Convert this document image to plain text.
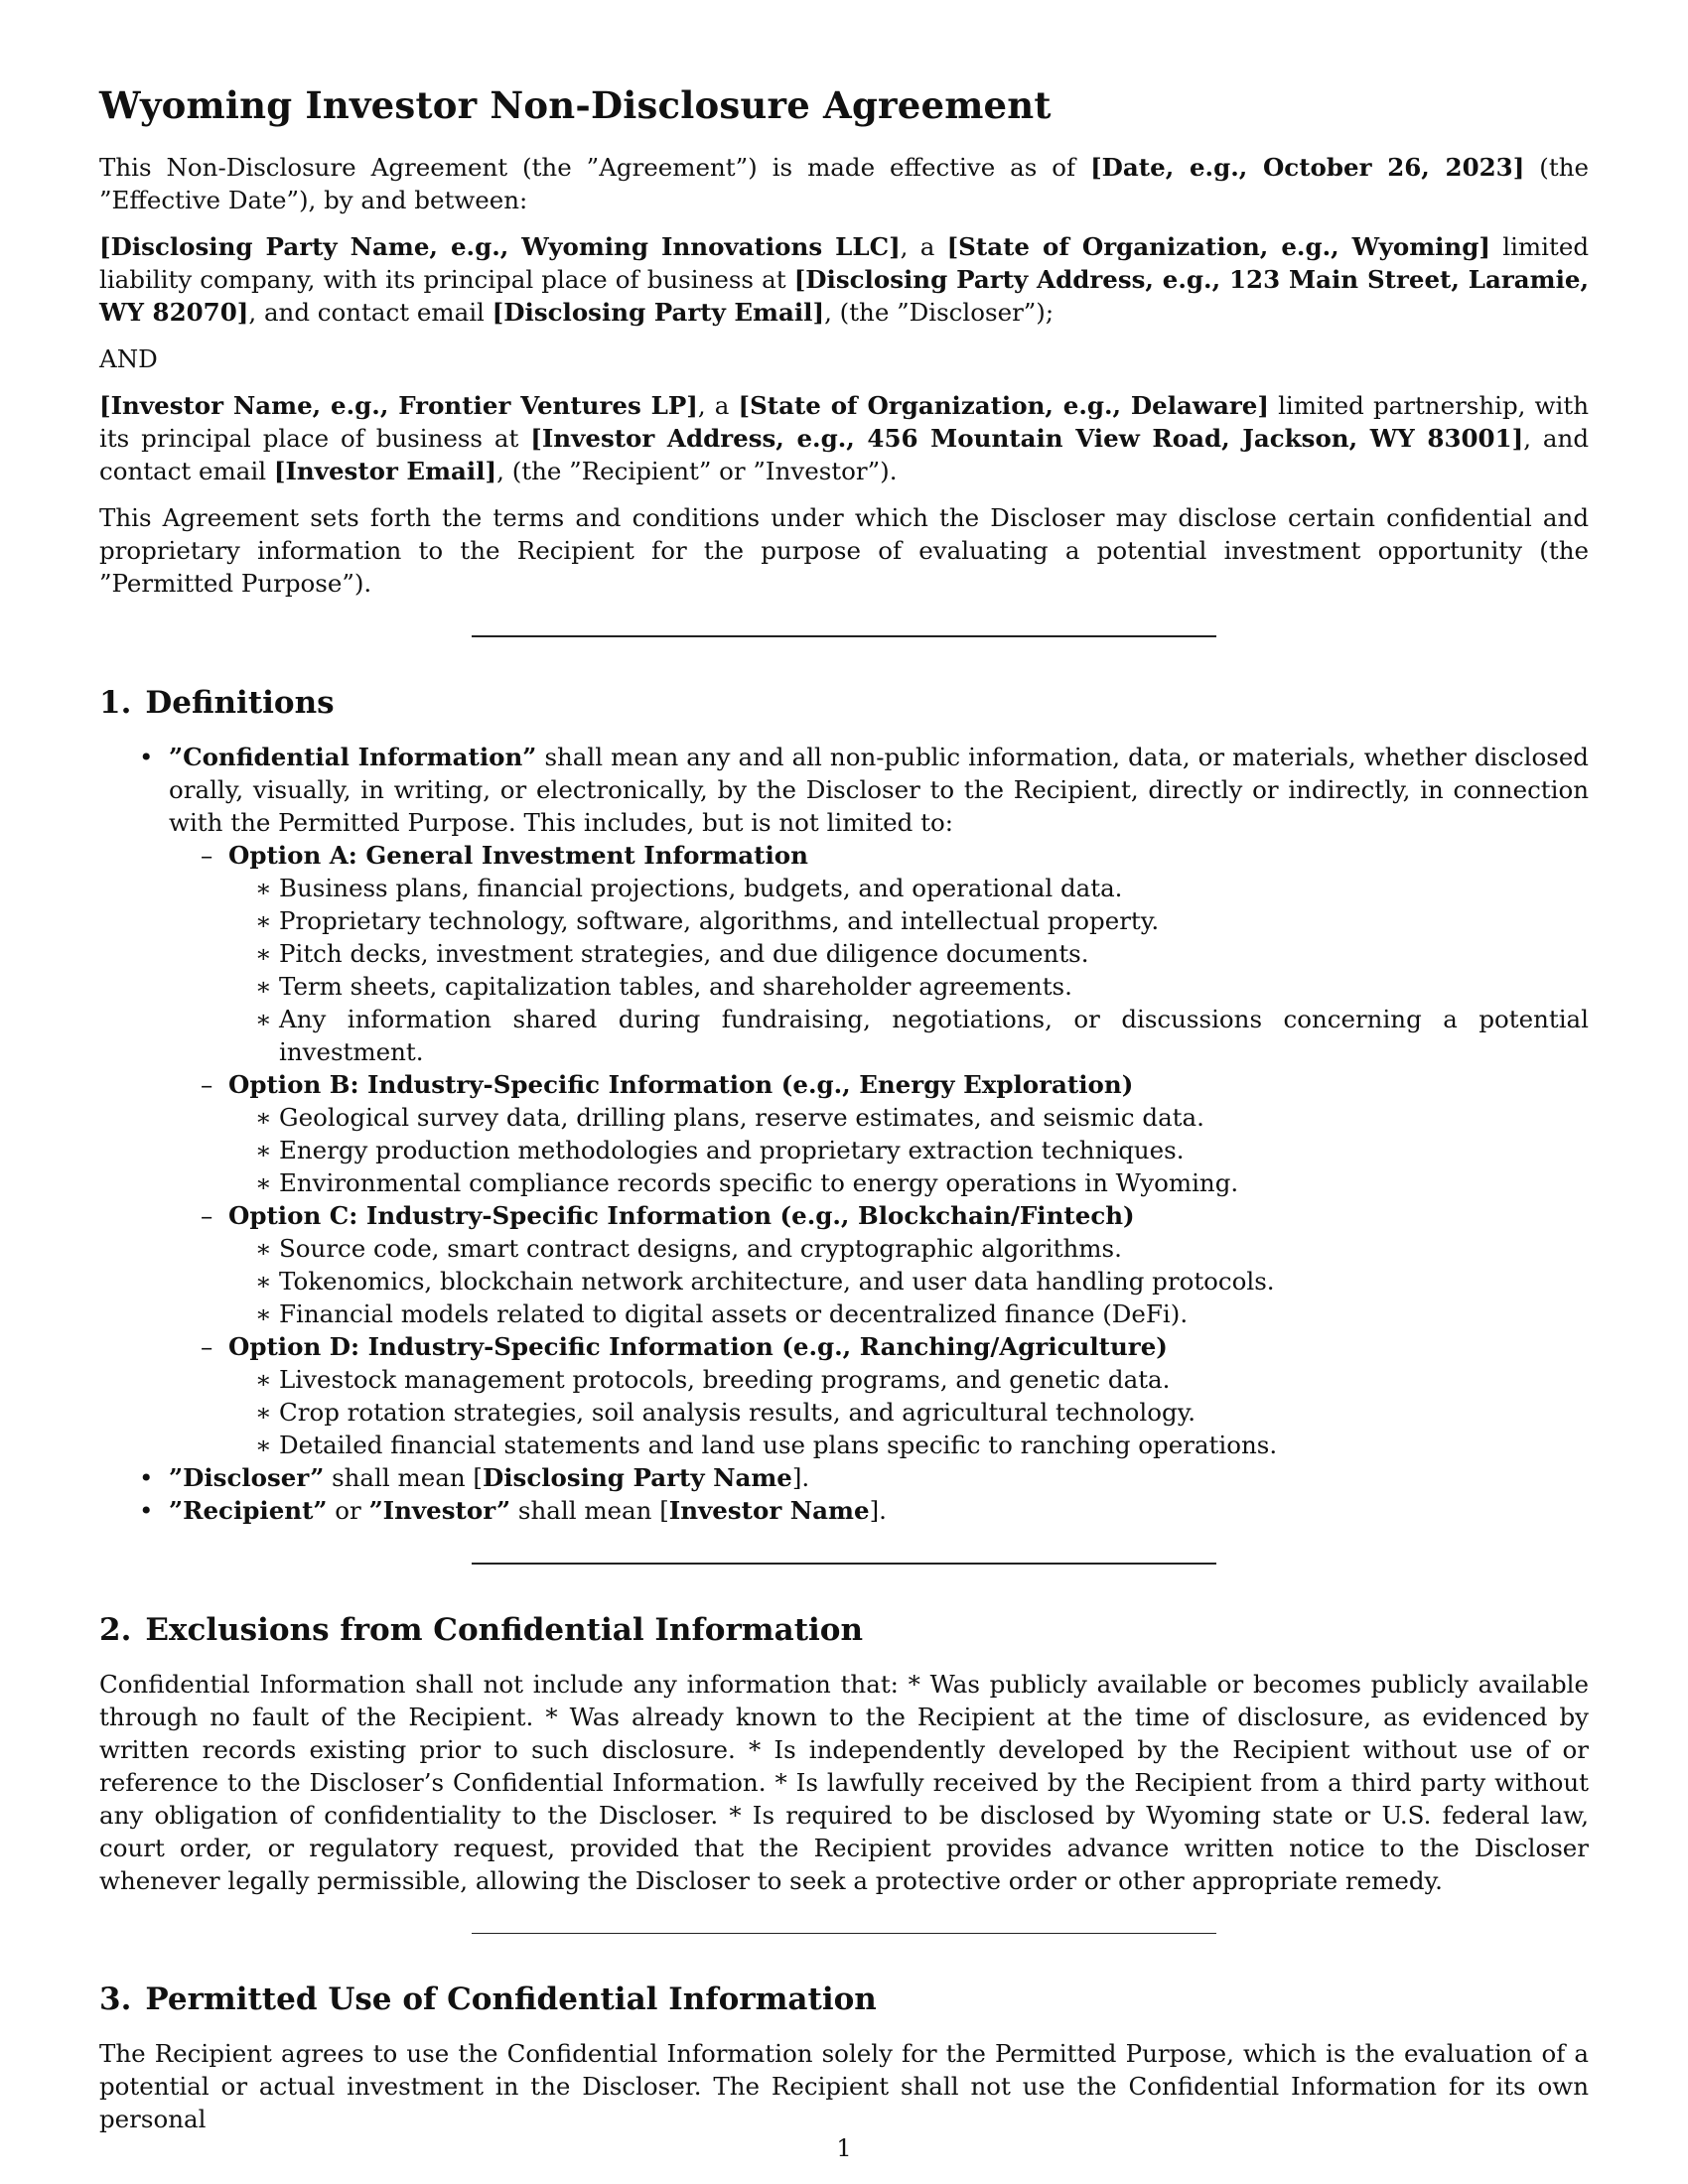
Wyoming Investor Non-Disclosure Agreement

This Non-Disclosure Agreement (the ”Agreement”) is made effective as of [Date, e.g., October 26, 2023] (the ”Effective Date”), by and between:

[Disclosing Party Name, e.g., Wyoming Innovations LLC], a [State of Organization, e.g., Wyoming] limited liability company, with its principal place of business at [Disclosing Party Address, e.g., 123 Main Street, Laramie, WY 82070], and contact email [Disclosing Party Email], (the ”Discloser”);

AND

[Investor Name, e.g., Frontier Ventures LP], a [State of Organization, e.g., Delaware] limited partnership, with its principal place of business at [Investor Address, e.g., 456 Mountain View Road, Jackson, WY 83001], and contact email [Investor Email], (the ”Recipient” or ”Investor”).

This Agreement sets forth the terms and conditions under which the Discloser may disclose certain confidential and proprietary information to the Recipient for the purpose of evaluating a potential investment opportunity (the ”Permitted Purpose”).

1. Definitions
• ”Confidential Information” shall mean any and all non-public information, data, or materials, whether disclosed orally, visually, in writing, or electronically, by the Discloser to the Recipient, directly or indirectly, in connection with the Permitted Purpose. This includes, but is not limited to:
– Option A: General Investment Information
∗ Business plans, financial projections, budgets, and operational data.
∗ Proprietary technology, software, algorithms, and intellectual property.
∗ Pitch decks, investment strategies, and due diligence documents.
∗ Term sheets, capitalization tables, and shareholder agreements.
∗ Any information shared during fundraising, negotiations, or discussions concerning a potential investment.
– Option B: Industry-Specific Information (e.g., Energy Exploration)
∗ Geological survey data, drilling plans, reserve estimates, and seismic data.
∗ Energy production methodologies and proprietary extraction techniques.
∗ Environmental compliance records specific to energy operations in Wyoming.
– Option C: Industry-Specific Information (e.g., Blockchain/Fintech)
∗ Source code, smart contract designs, and cryptographic algorithms.
∗ Tokenomics, blockchain network architecture, and user data handling protocols.
∗ Financial models related to digital assets or decentralized finance (DeFi).
– Option D: Industry-Specific Information (e.g., Ranching/Agriculture)
∗ Livestock management protocols, breeding programs, and genetic data.
∗ Crop rotation strategies, soil analysis results, and agricultural technology.
∗ Detailed financial statements and land use plans specific to ranching operations.
• ”Discloser” shall mean [Disclosing Party Name].
• ”Recipient” or ”Investor” shall mean [Investor Name].
2. Exclusions from Confidential Information

Confidential Information shall not include any information that: * Was publicly available or becomes publicly available through no fault of the Recipient. * Was already known to the Recipient at the time of disclosure, as evidenced by written records existing prior to such disclosure. * Is independently developed by the Recipient without use of or reference to the Discloser’s Confidential Information. * Is lawfully received by the Recipient from a third party without any obligation of confidentiality to the Discloser. * Is required to be disclosed by Wyoming state or U.S. federal law, court order, or regulatory request, provided that the Recipient provides advance written notice to the Discloser whenever legally permissible, allowing the Discloser to seek a protective order or other appropriate remedy.

3. Permitted Use of Confidential Information

The Recipient agrees to use the Confidential Information solely for the Permitted Purpose, which is the evaluation of a potential or actual investment in the Discloser. The Recipient shall not use the Confidential Information for its own personal

1
